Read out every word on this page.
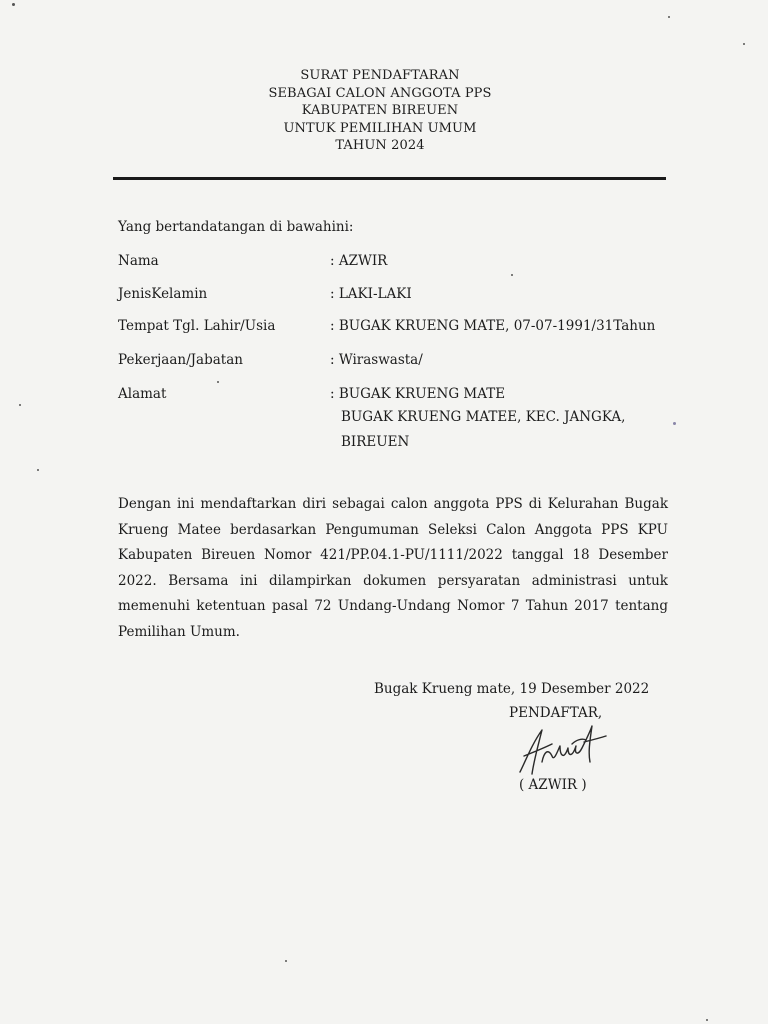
SURAT PENDAFTARAN
SEBAGAI CALON ANGGOTA PPS
KABUPATEN BIREUEN
UNTUK PEMILIHAN UMUM
TAHUN 2024
Yang bertandatangan di bawahini:
Nama	: AZWIR
JenisKelamin	: LAKI-LAKI
Tempat Tgl. Lahir/Usia	: BUGAK KRUENG MATE, 07-07-1991/31Tahun
Pekerjaan/Jabatan	: Wiraswasta/
Alamat	: BUGAK KRUENG MATE
BUGAK KRUENG MATEE, KEC. JANGKA,
BIREUEN
Dengan ini mendaftarkan diri sebagai calon anggota PPS di Kelurahan Bugak Krueng Matee berdasarkan Pengumuman Seleksi Calon Anggota PPS KPU Kabupaten Bireuen Nomor 421/PP.04.1-PU/1111/2022 tanggal 18 Desember 2022. Bersama ini dilampirkan dokumen persyaratan administrasi untuk memenuhi ketentuan pasal 72 Undang-Undang Nomor 7 Tahun 2017 tentang Pemilihan Umum.
Bugak Krueng mate, 19 Desember 2022
PENDAFTAR,
( AZWIR )
